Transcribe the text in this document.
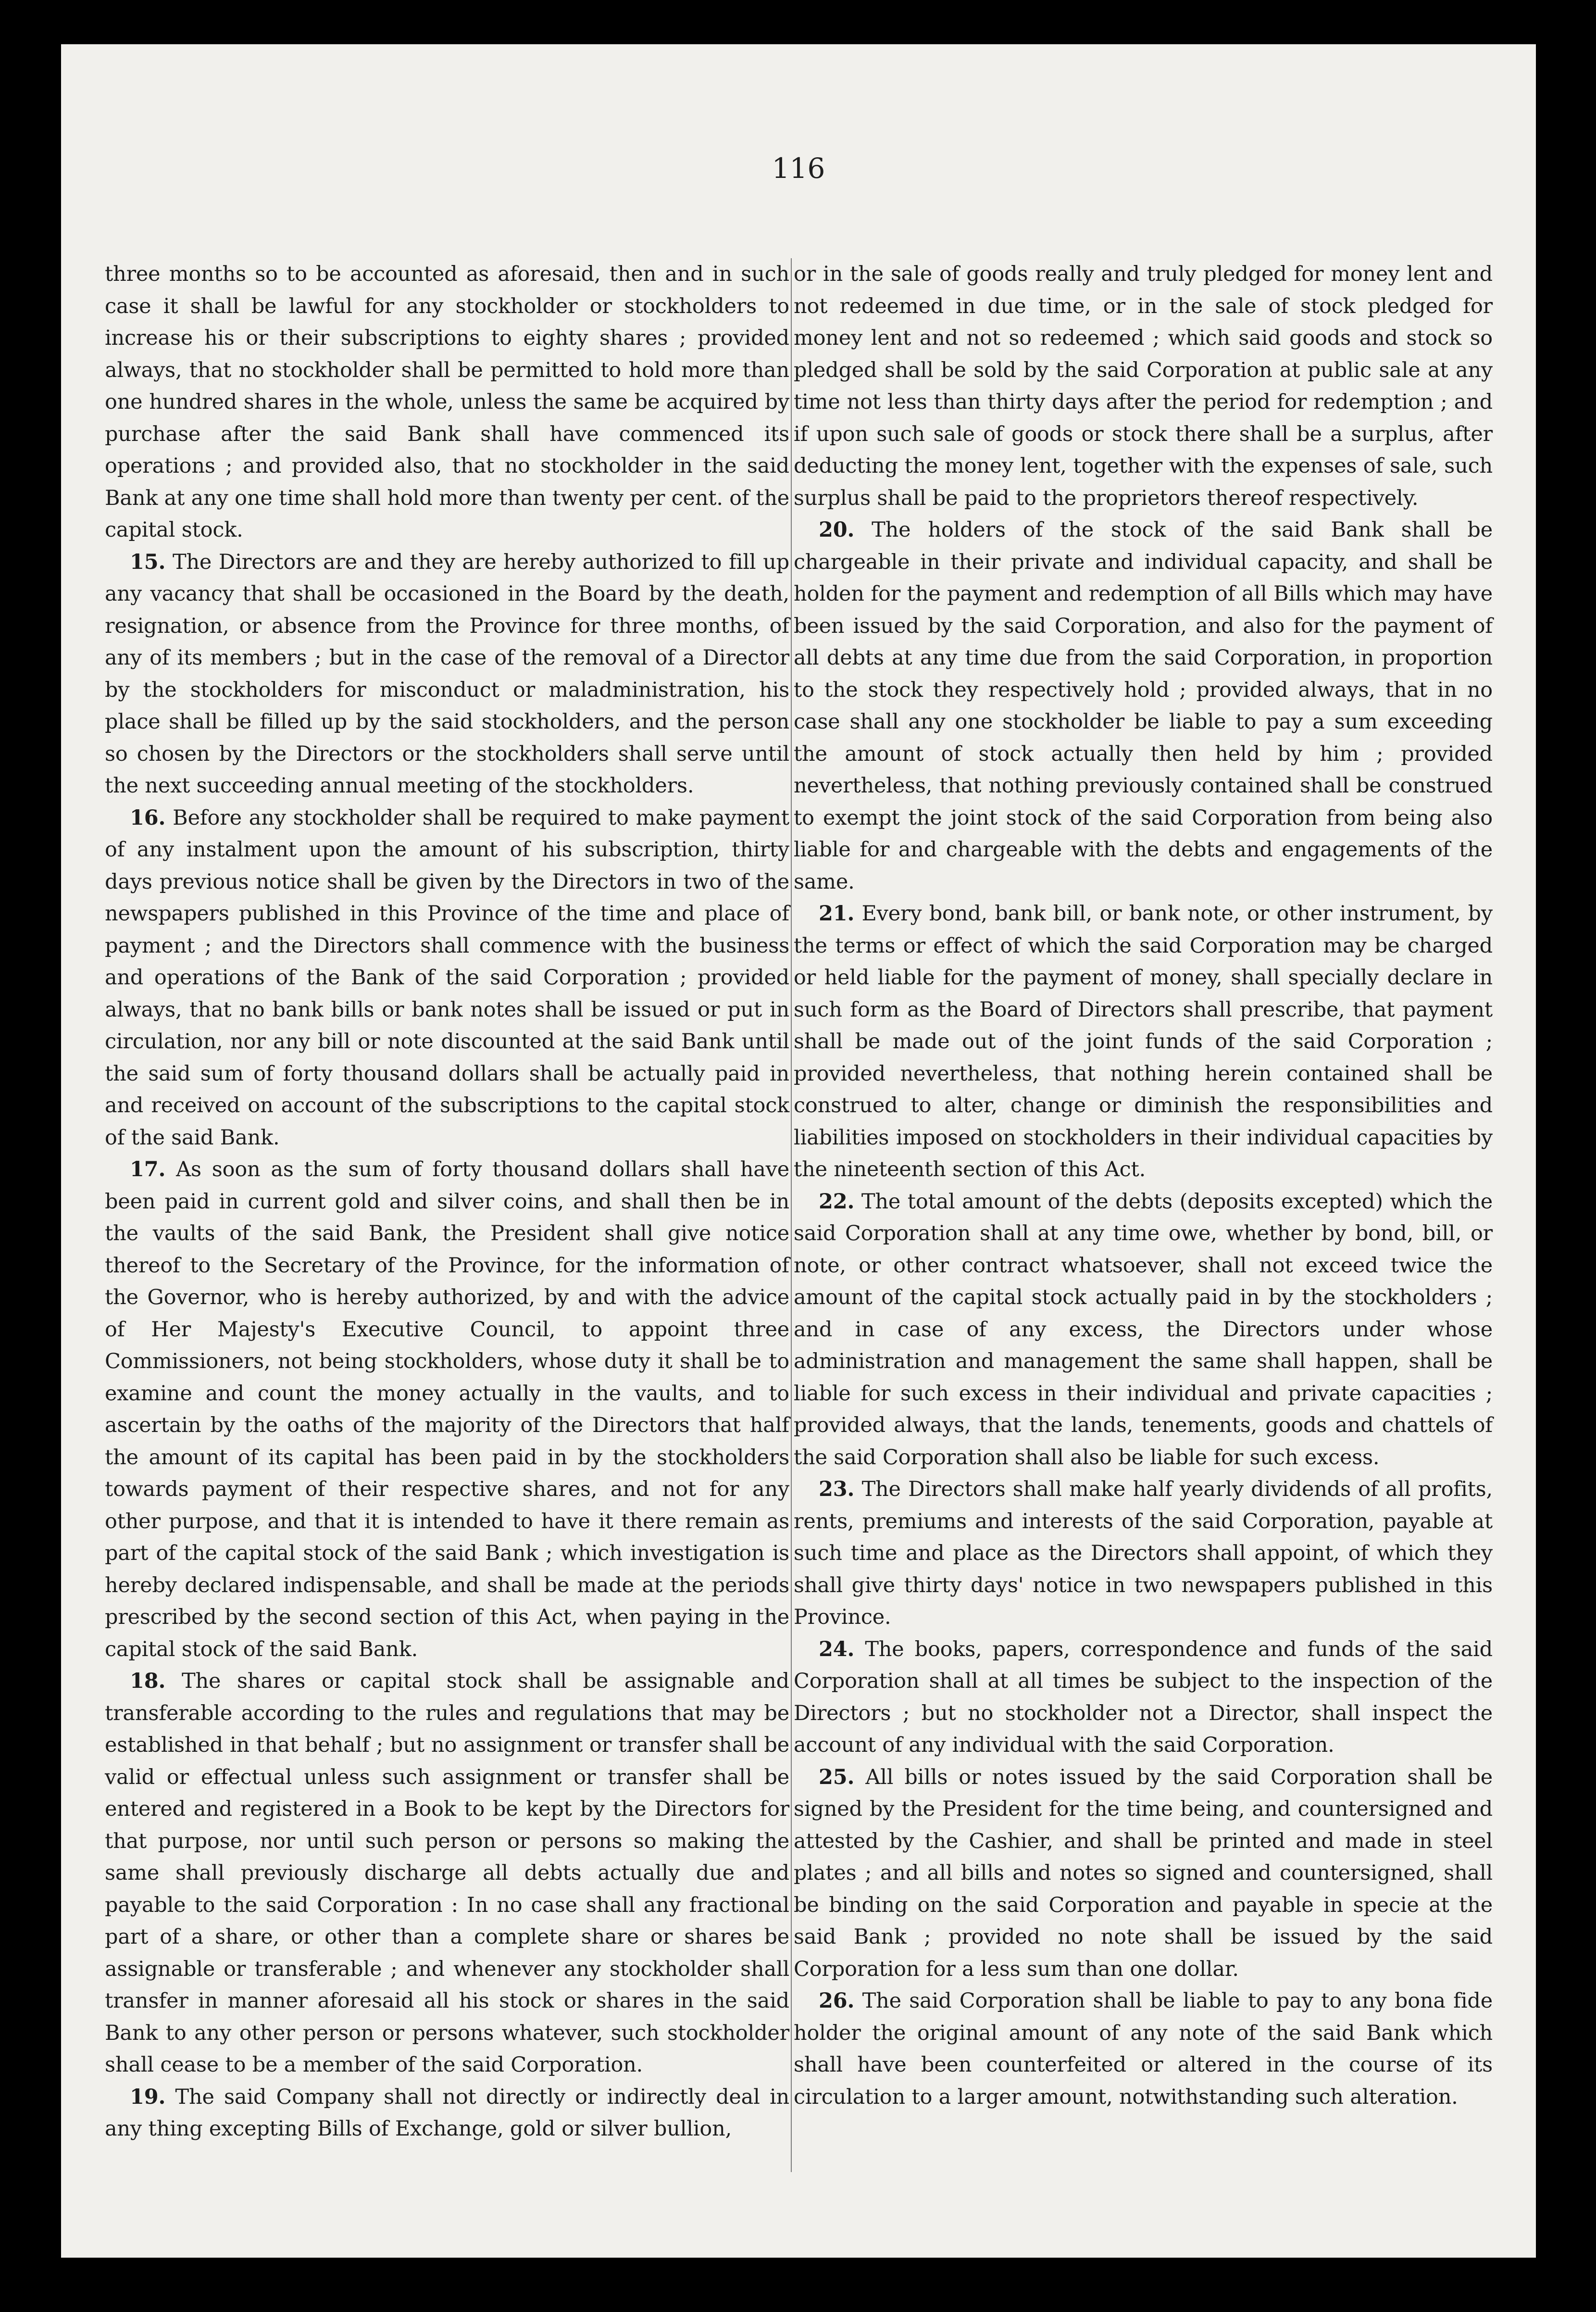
116

three months so to be accounted as aforesaid, then and in such case it shall be lawful for any stockholder or stockholders to increase his or their subscriptions to eighty shares ; provided always, that no stockholder shall be permitted to hold more than one hundred shares in the whole, unless the same be acquired by purchase after the said Bank shall have commenced its operations ; and provided also, that no stockholder in the said Bank at any one time shall hold more than twenty per cent. of the capital stock.

15. The Directors are and they are hereby authorized to fill up any vacancy that shall be occasioned in the Board by the death, resignation, or absence from the Province for three months, of any of its members ; but in the case of the removal of a Director by the stockholders for misconduct or maladministration, his place shall be filled up by the said stockholders, and the person so chosen by the Directors or the stockholders shall serve until the next succeeding annual meeting of the stockholders.

16. Before any stockholder shall be required to make payment of any instalment upon the amount of his subscription, thirty days previous notice shall be given by the Directors in two of the newspapers published in this Province of the time and place of payment ; and the Directors shall commence with the business and operations of the Bank of the said Corporation ; provided always, that no bank bills or bank notes shall be issued or put in circulation, nor any bill or note discounted at the said Bank until the said sum of forty thousand dollars shall be actually paid in and received on account of the subscriptions to the capital stock of the said Bank.

17. As soon as the sum of forty thousand dollars shall have been paid in current gold and silver coins, and shall then be in the vaults of the said Bank, the President shall give notice thereof to the Secretary of the Province, for the information of the Governor, who is hereby authorized, by and with the advice of Her Majesty's Executive Council, to appoint three Commissioners, not being stockholders, whose duty it shall be to examine and count the money actually in the vaults, and to ascertain by the oaths of the majority of the Directors that half the amount of its capital has been paid in by the stockholders towards payment of their respective shares, and not for any other purpose, and that it is intended to have it there remain as part of the capital stock of the said Bank ; which investigation is hereby declared indispensable, and shall be made at the periods prescribed by the second section of this Act, when paying in the capital stock of the said Bank.

18. The shares or capital stock shall be assignable and transferable according to the rules and regulations that may be established in that behalf ; but no assignment or transfer shall be valid or effectual unless such assignment or transfer shall be entered and registered in a Book to be kept by the Directors for that purpose, nor until such person or persons so making the same shall previously discharge all debts actually due and payable to the said Corporation : In no case shall any fractional part of a share, or other than a complete share or shares be assignable or transferable ; and whenever any stockholder shall transfer in manner aforesaid all his stock or shares in the said Bank to any other person or persons whatever, such stockholder shall cease to be a member of the said Corporation.

19. The said Company shall not directly or indirectly deal in any thing excepting Bills of Exchange, gold or silver bullion,

or in the sale of goods really and truly pledged for money lent and not redeemed in due time, or in the sale of stock pledged for money lent and not so redeemed ; which said goods and stock so pledged shall be sold by the said Corporation at public sale at any time not less than thirty days after the period for redemption ; and if upon such sale of goods or stock there shall be a surplus, after deducting the money lent, together with the expenses of sale, such surplus shall be paid to the proprietors thereof respectively.

20. The holders of the stock of the said Bank shall be chargeable in their private and individual capacity, and shall be holden for the payment and redemption of all Bills which may have been issued by the said Corporation, and also for the payment of all debts at any time due from the said Corporation, in proportion to the stock they respectively hold ; provided always, that in no case shall any one stockholder be liable to pay a sum exceeding the amount of stock actually then held by him ; provided nevertheless, that nothing previously contained shall be construed to exempt the joint stock of the said Corporation from being also liable for and chargeable with the debts and engagements of the same.

21. Every bond, bank bill, or bank note, or other instrument, by the terms or effect of which the said Corporation may be charged or held liable for the payment of money, shall specially declare in such form as the Board of Directors shall prescribe, that payment shall be made out of the joint funds of the said Corporation ; provided nevertheless, that nothing herein contained shall be construed to alter, change or diminish the responsibilities and liabilities imposed on stockholders in their individual capacities by the nineteenth section of this Act.

22. The total amount of the debts (deposits excepted) which the said Corporation shall at any time owe, whether by bond, bill, or note, or other contract whatsoever, shall not exceed twice the amount of the capital stock actually paid in by the stockholders ; and in case of any excess, the Directors under whose administration and management the same shall happen, shall be liable for such excess in their individual and private capacities ; provided always, that the lands, tenements, goods and chattels of the said Corporation shall also be liable for such excess.

23. The Directors shall make half yearly dividends of all profits, rents, premiums and interests of the said Corporation, payable at such time and place as the Directors shall appoint, of which they shall give thirty days' notice in two newspapers published in this Province.

24. The books, papers, correspondence and funds of the said Corporation shall at all times be subject to the inspection of the Directors ; but no stockholder not a Director, shall inspect the account of any individual with the said Corporation.

25. All bills or notes issued by the said Corporation shall be signed by the President for the time being, and countersigned and attested by the Cashier, and shall be printed and made in steel plates ; and all bills and notes so signed and countersigned, shall be binding on the said Corporation and payable in specie at the said Bank ; provided no note shall be issued by the said Corporation for a less sum than one dollar.

26. The said Corporation shall be liable to pay to any bona fide holder the original amount of any note of the said Bank which shall have been counterfeited or altered in the course of its circulation to a larger amount, notwithstanding such alteration.
